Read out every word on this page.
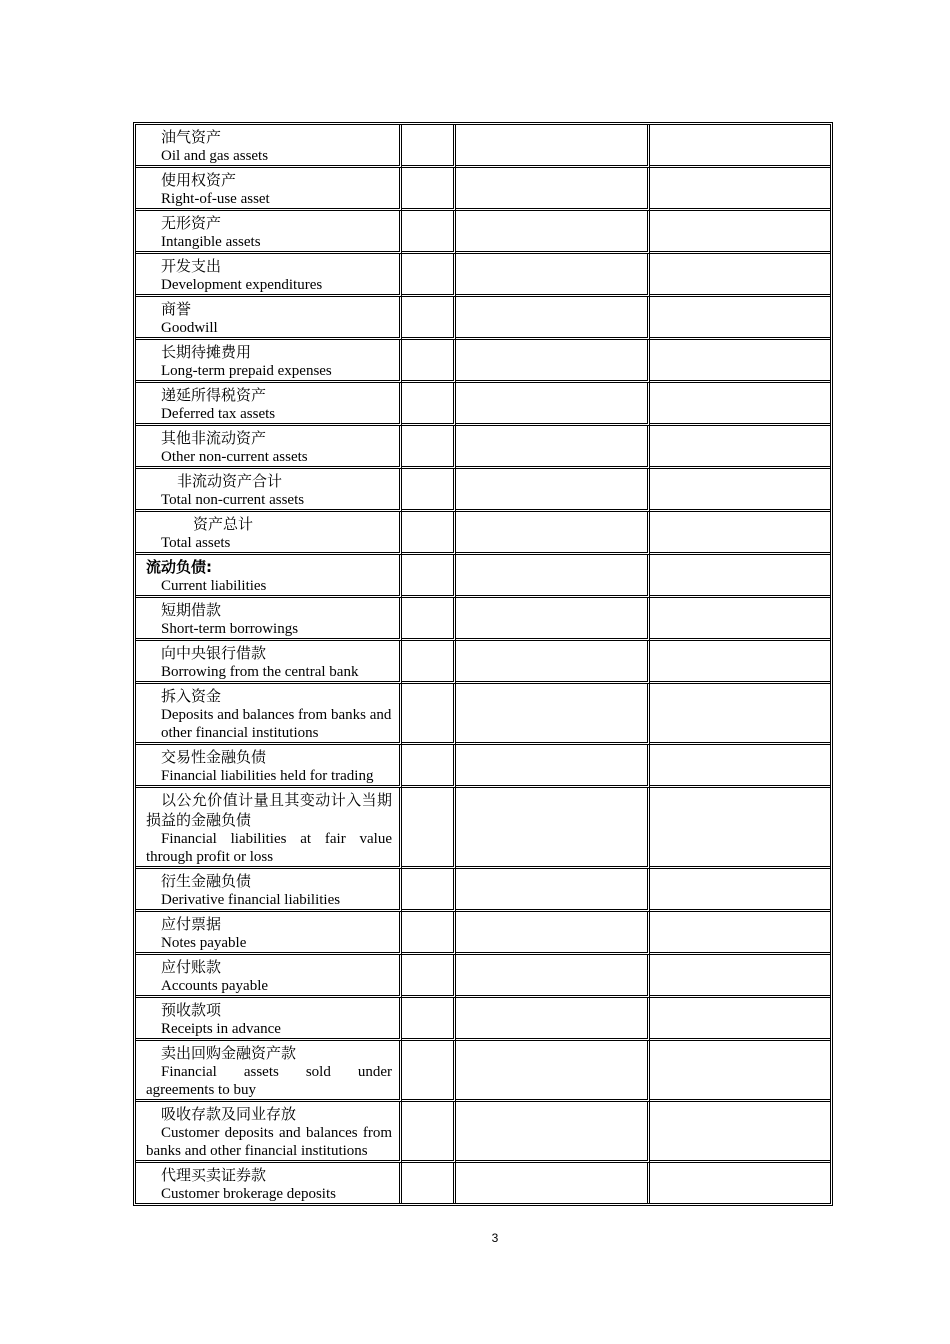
油气资产
Oil and gas assets			

使用权资产
Right-of-use asset			

无形资产
Intangible assets			

开发支出
Development expenditures			

商誉
Goodwill			

长期待摊费用
Long-term prepaid expenses			

递延所得税资产
Deferred tax assets			

其他非流动资产
Other non-current assets			

非流动资产合计
Total non-current assets			

资产总计
Total assets			

流动负债:
Current liabilities			

短期借款
Short-term borrowings			

向中央银行借款
Borrowing from the central bank			

拆入资金
Deposits and balances from banks and other financial institutions			

交易性金融负债
Financial liabilities held for trading			

以公允价值计量且其变动计入当期损益的金融负债
Financial liabilities at fair value through profit or loss			

衍生金融负债
Derivative financial liabilities			

应付票据
Notes payable			

应付账款
Accounts payable			

预收款项
Receipts in advance			

卖出回购金融资产款
Financial assets sold under agreements to buy			

吸收存款及同业存放
Customer deposits and balances from banks and other financial institutions			

代理买卖证券款
Customer brokerage deposits			

3
